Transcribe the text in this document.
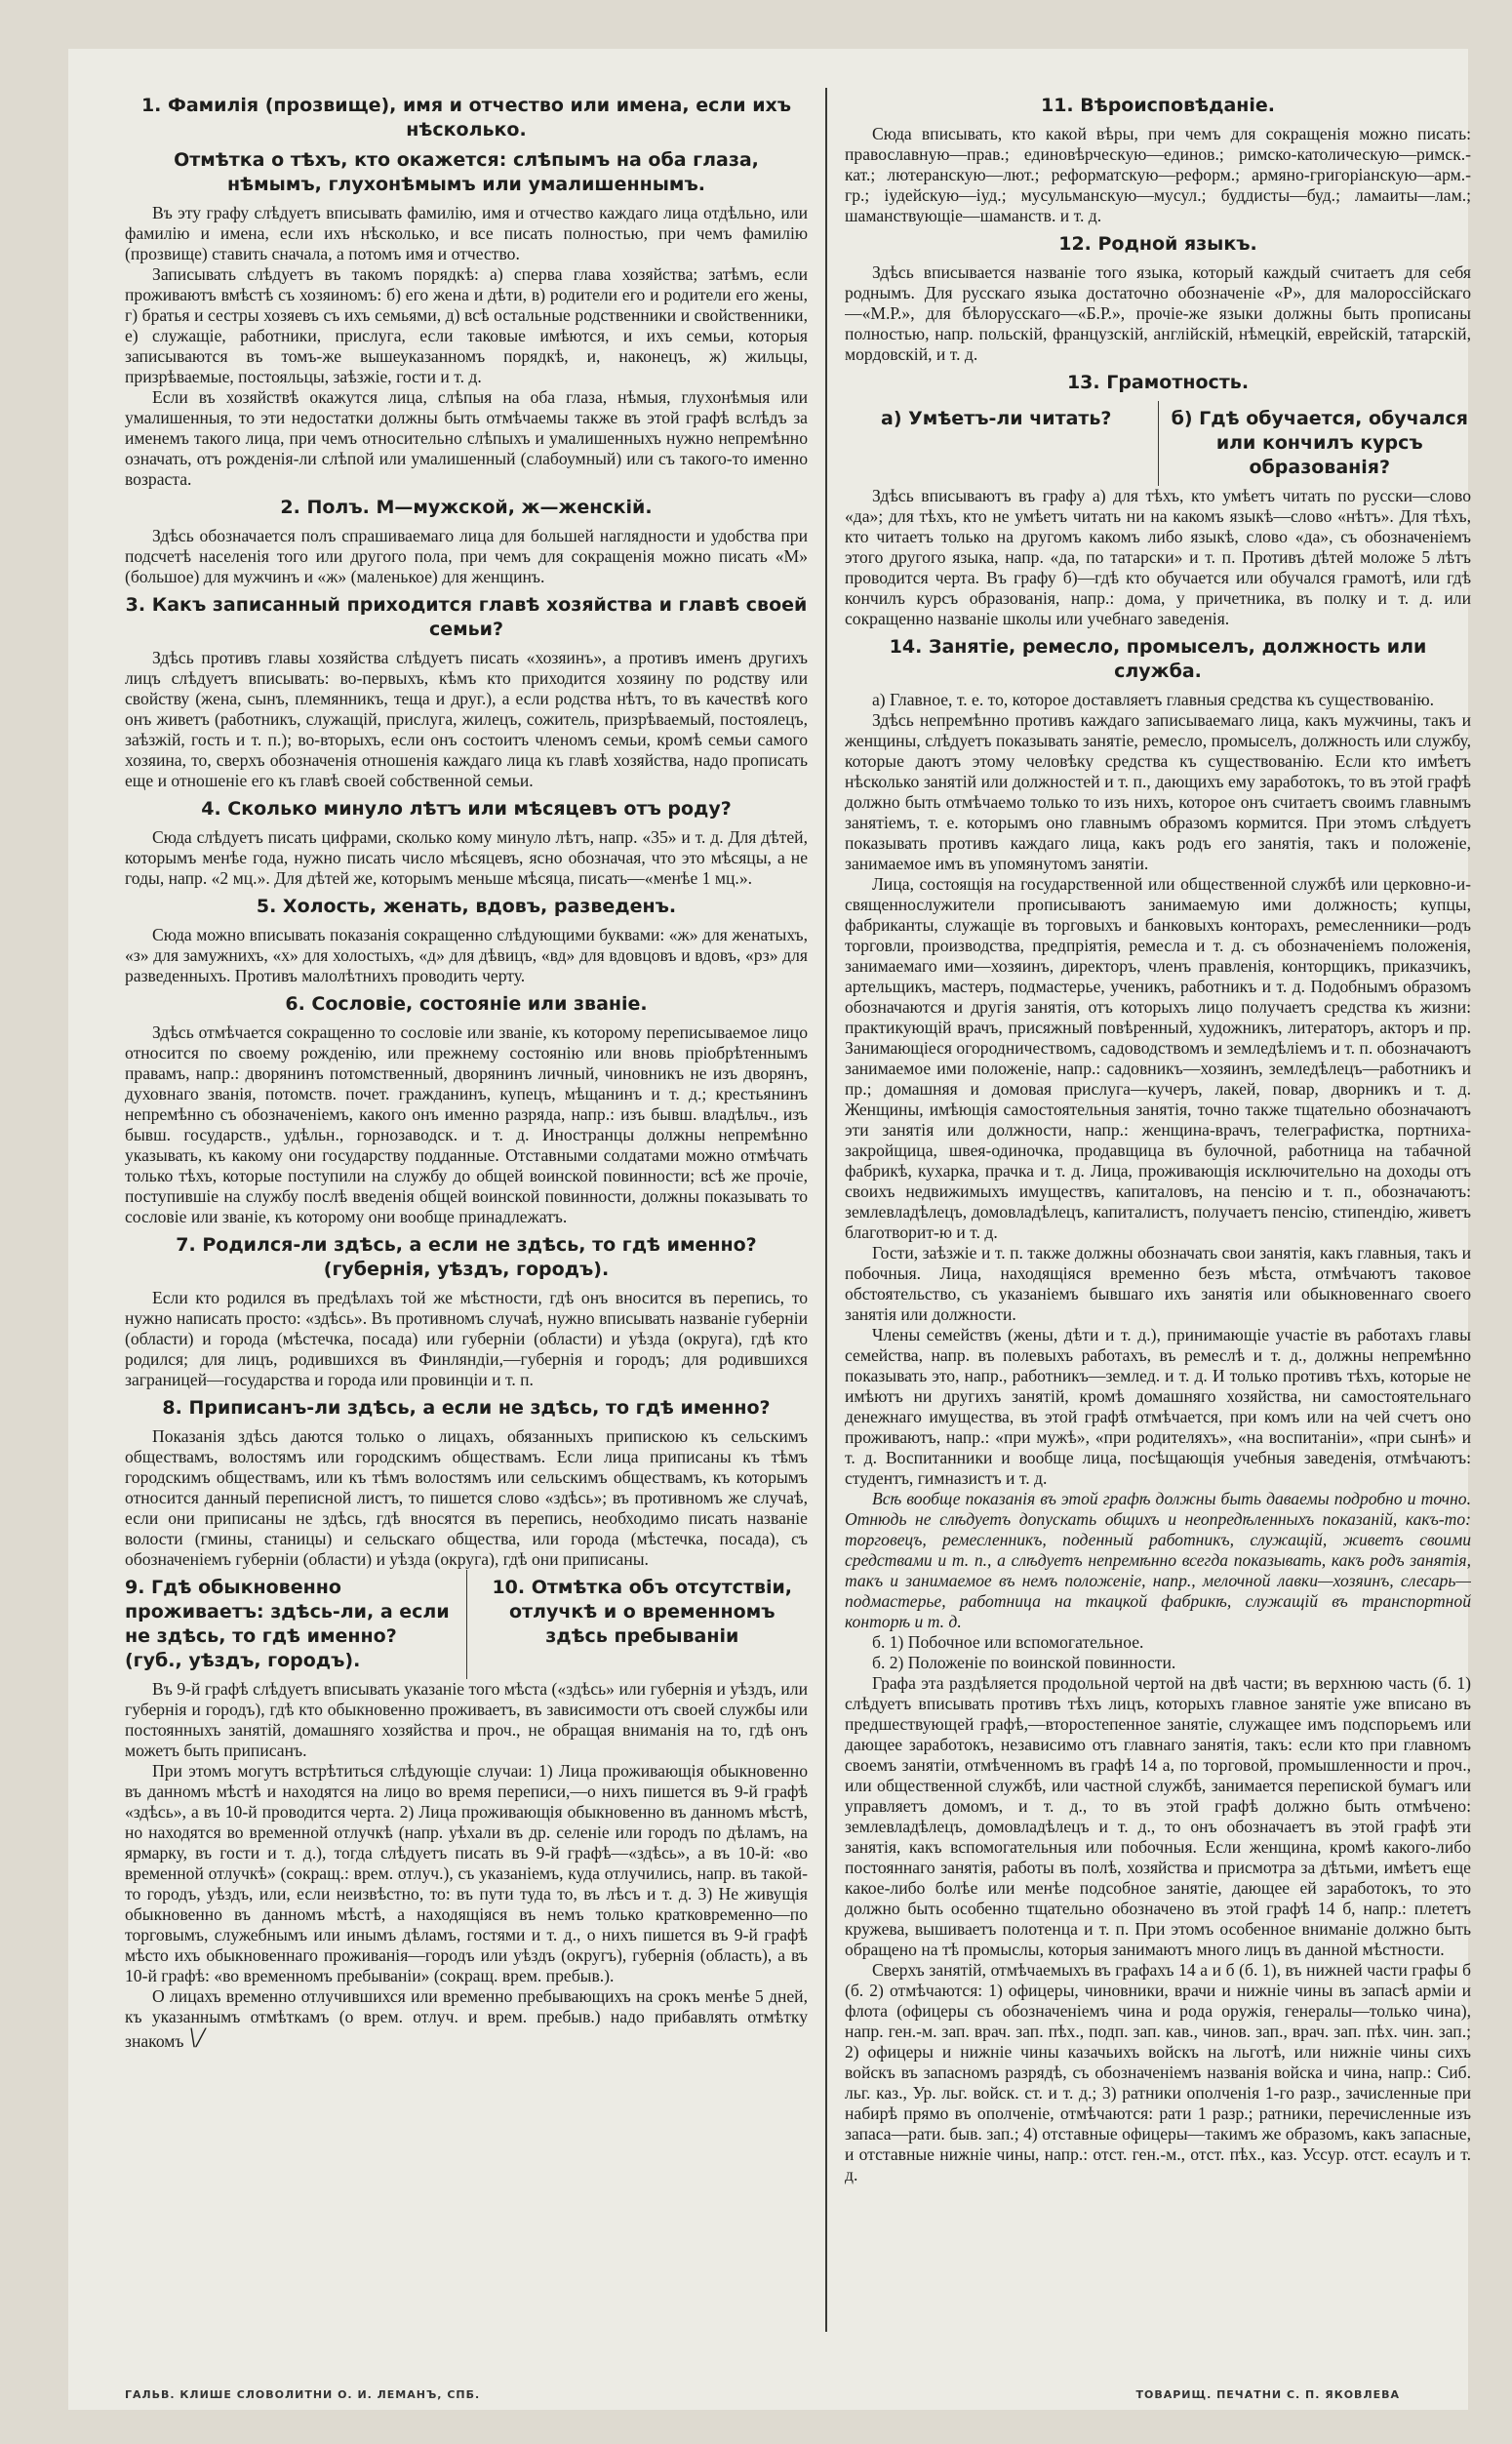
1. Фамилія (прозвище), имя и отчество или имена, если ихъ нѣсколько.
Отмѣтка о тѣхъ, кто окажется: слѣпымъ на оба глаза, нѣмымъ, глухонѣмымъ или умалишеннымъ.

Въ эту графу слѣдуетъ вписывать фамилію, имя и отчество каждаго лица отдѣльно, или фамилію и имена, если ихъ нѣсколько, и все писать полностью, при чемъ фамилію (прозвище) ставить сначала, а потомъ имя и отчество.

Записывать слѣдуетъ въ такомъ порядкѣ: а) сперва глава хозяйства; затѣмъ, если проживаютъ вмѣстѣ съ хозяиномъ: б) его жена и дѣти, в) родители его и родители его жены, г) братья и сестры хозяевъ съ ихъ семьями, д) всѣ остальные родственники и свойственники, е) служащіе, работники, прислуга, если таковые имѣются, и ихъ семьи, которыя записываются въ томъ-же вышеуказанномъ порядкѣ, и, наконецъ, ж) жильцы, призрѣваемые, постояльцы, заѣзжіе, гости и т. д.

Если въ хозяйствѣ окажутся лица, слѣпыя на оба глаза, нѣмыя, глухонѣмыя или умалишенныя, то эти недостатки должны быть отмѣчаемы также въ этой графѣ вслѣдъ за именемъ такого лица, при чемъ относительно слѣпыхъ и умалишенныхъ нужно непремѣнно означать, отъ рожденія-ли слѣпой или умалишенный (слабоумный) или съ такого-то именно возраста.

2. Полъ. М—мужской, ж—женскій.

Здѣсь обозначается полъ спрашиваемаго лица для большей наглядности и удобства при подсчетѣ населенія того или другого пола, при чемъ для сокращенія можно писать «М» (большое) для мужчинъ и «ж» (маленькое) для женщинъ.

3. Какъ записанный приходится главѣ хозяйства и главѣ своей семьи?

Здѣсь противъ главы хозяйства слѣдуетъ писать «хозяинъ», а противъ именъ другихъ лицъ слѣдуетъ вписывать: во-первыхъ, кѣмъ кто приходится хозяину по родству или свойству (жена, сынъ, племянникъ, теща и друг.), а если родства нѣтъ, то въ качествѣ кого онъ живетъ (работникъ, служащій, прислуга, жилецъ, сожитель, призрѣваемый, постоялецъ, заѣзжій, гость и т. п.); во-вторыхъ, если онъ состоитъ членомъ семьи, кромѣ семьи самого хозяина, то, сверхъ обозначенія отношенія каждаго лица къ главѣ хозяйства, надо прописать еще и отношеніе его къ главѣ своей собственной семьи.

4. Сколько минуло лѣтъ или мѣсяцевъ отъ роду?

Сюда слѣдуетъ писать цифрами, сколько кому минуло лѣтъ, напр. «35» и т. д. Для дѣтей, которымъ менѣе года, нужно писать число мѣсяцевъ, ясно обозначая, что это мѣсяцы, а не годы, напр. «2 мц.». Для дѣтей же, которымъ меньше мѣсяца, писать—«менѣе 1 мц.».

5. Холость, женать, вдовъ, разведенъ.

Сюда можно вписывать показанія сокращенно слѣдующими буквами: «ж» для женатыхъ, «з» для замужнихъ, «х» для холостыхъ, «д» для дѣвицъ, «вд» для вдовцовъ и вдовъ, «рз» для разведенныхъ. Противъ малолѣтнихъ проводить черту.

6. Сословіе, состояніе или званіе.

Здѣсь отмѣчается сокращенно то сословіе или званіе, къ которому переписываемое лицо относится по своему рожденію, или прежнему состоянію или вновь пріобрѣтеннымъ правамъ, напр.: дворянинъ потомственный, дворянинъ личный, чиновникъ не изъ дворянъ, духовнаго званія, потомств. почет. гражданинъ, купецъ, мѣщанинъ и т. д.; крестьянинъ непремѣнно съ обозначеніемъ, какого онъ именно разряда, напр.: изъ бывш. владѣльч., изъ бывш. государств., удѣльн., горнозаводск. и т. д. Иностранцы должны непремѣнно указывать, къ какому они государству подданные. Отставными солдатами можно отмѣчать только тѣхъ, которые поступили на службу до общей воинской повинности; всѣ же прочіе, поступившіе на службу послѣ введенія общей воинской повинности, должны показывать то сословіе или званіе, къ которому они вообще принадлежатъ.

7. Родился-ли здѣсь, а если не здѣсь, то гдѣ именно? (губернія, уѣздъ, городъ).

Если кто родился въ предѣлахъ той же мѣстности, гдѣ онъ вносится въ перепись, то нужно написать просто: «здѣсь». Въ противномъ случаѣ, нужно вписывать названіе губерніи (области) и города (мѣстечка, посада) или губерніи (области) и уѣзда (округа), гдѣ кто родился; для лицъ, родившихся въ Финляндіи,—губернія и городъ; для родившихся заграницей—государства и города или провинціи и т. п.

8. Приписанъ-ли здѣсь, а если не здѣсь, то гдѣ именно?

Показанія здѣсь даются только о лицахъ, обязанныхъ припискою къ сельскимъ обществамъ, волостямъ или городскимъ обществамъ. Если лица приписаны къ тѣмъ городскимъ обществамъ, или къ тѣмъ волостямъ или сельскимъ обществамъ, къ которымъ относится данный переписной листъ, то пишется слово «здѣсь»; въ противномъ же случаѣ, если они приписаны не здѣсь, гдѣ вносятся въ перепись, необходимо писать названіе волости (гмины, станицы) и сельскаго общества, или города (мѣстечка, посада), съ обозначеніемъ губерніи (области) и уѣзда (округа), гдѣ они приписаны.

9. Гдѣ обыкновенно проживаетъ: здѣсь-ли, а если не здѣсь, то гдѣ именно? (губ., уѣздъ, городъ).
10. Отмѣтка объ отсутствіи, отлучкѣ и о временномъ здѣсь пребываніи

Въ 9-й графѣ слѣдуетъ вписывать указаніе того мѣста («здѣсь» или губернія и уѣздъ, или губернія и городъ), гдѣ кто обыкновенно проживаетъ, въ зависимости отъ своей службы или постоянныхъ занятій, домашняго хозяйства и проч., не обращая вниманія на то, гдѣ онъ можетъ быть приписанъ.

При этомъ могутъ встрѣтиться слѣдующіе случаи: 1) Лица проживающія обыкновенно въ данномъ мѣстѣ и находятся на лицо во время переписи,—о нихъ пишется въ 9-й графѣ «здѣсь», а въ 10-й проводится черта. 2) Лица проживающія обыкновенно въ данномъ мѣстѣ, но находятся во временной отлучкѣ (напр. уѣхали въ др. селеніе или городъ по дѣламъ, на ярмарку, въ гости и т. д.), тогда слѣдуетъ писать въ 9-й графѣ—«здѣсь», а въ 10-й: «во временной отлучкѣ» (сокращ.: врем. отлуч.), съ указаніемъ, куда отлучились, напр. въ такой-то городъ, уѣздъ, или, если неизвѣстно, то: въ пути туда то, въ лѣсъ и т. д. 3) Не живущія обыкновенно въ данномъ мѣстѣ, а находящіяся въ немъ только кратковременно—по торговымъ, служебнымъ или инымъ дѣламъ, гостями и т. д., о нихъ пишется въ 9-й графѣ мѣсто ихъ обыкновеннаго проживанія—городъ или уѣздъ (округъ), губернія (область), а въ 10-й графѣ: «во временномъ пребываніи» (сокращ. врем. пребыв.).

О лицахъ временно отлучившихся или временно пребывающихъ на срокъ менѣе 5 дней, къ указаннымъ отмѣткамъ (о врем. отлуч. и врем. пребыв.) надо прибавлять отмѣтку знакомъ \/

11. Вѣроисповѣданіе.

Сюда вписывать, кто какой вѣры, при чемъ для сокращенія можно писать: православную—прав.; единовѣрческую—единов.; римско-католическую—римск.-кат.; лютеранскую—лют.; реформатскую—реформ.; армяно-григоріанскую—арм.-гр.; іудейскую—іуд.; мусульманскую—мусул.; буддисты—буд.; ламаиты—лам.; шаманствующіе—шаманств. и т. д.

12. Родной языкъ.

Здѣсь вписывается названіе того языка, который каждый считаетъ для себя роднымъ. Для русскаго языка достаточно обозначеніе «Р», для малороссійскаго—«М.Р.», для бѣлорусскаго—«Б.Р.», прочіе-же языки должны быть прописаны полностью, напр. польскій, французскій, англійскій, нѣмецкій, еврейскій, татарскій, мордовскій, и т. д.

13. Грамотность.
а) Умѣетъ-ли читать?	б) Гдѣ обучается, обучался или кончилъ курсъ образованія?

Здѣсь вписываютъ въ графу а) для тѣхъ, кто умѣетъ читать по русски—слово «да»; для тѣхъ, кто не умѣетъ читать ни на какомъ языкѣ—слово «нѣтъ». Для тѣхъ, кто читаетъ только на другомъ какомъ либо языкѣ, слово «да», съ обозначеніемъ этого другого языка, напр. «да, по татарски» и т. п. Противъ дѣтей моложе 5 лѣтъ проводится черта. Въ графу б)—гдѣ кто обучается или обучался грамотѣ, или гдѣ кончилъ курсъ образованія, напр.: дома, у причетника, въ полку и т. д. или сокращенно названіе школы или учебнаго заведенія.

14. Занятіе, ремесло, промыселъ, должность или служба.

а) Главное, т. е. то, которое доставляетъ главныя средства къ существованію.

Здѣсь непремѣнно противъ каждаго записываемаго лица, какъ мужчины, такъ и женщины, слѣдуетъ показывать занятіе, ремесло, промыселъ, должность или службу, которые даютъ этому человѣку средства къ существованію. Если кто имѣетъ нѣсколько занятій или должностей и т. п., дающихъ ему заработокъ, то въ этой графѣ должно быть отмѣчаемо только то изъ нихъ, которое онъ считаетъ своимъ главнымъ занятіемъ, т. е. которымъ оно главнымъ образомъ кормится. При этомъ слѣдуетъ показывать противъ каждаго лица, какъ родъ его занятія, такъ и положеніе, занимаемое имъ въ упомянутомъ занятіи.

Лица, состоящія на государственной или общественной службѣ или церковно-и-священнослужители прописываютъ занимаемую ими должность; купцы, фабриканты, служащіе въ торговыхъ и банковыхъ конторахъ, ремесленники—родъ торговли, производства, предпріятія, ремесла и т. д. съ обозначеніемъ положенія, занимаемаго ими—хозяинъ, директоръ, членъ правленія, конторщикъ, приказчикъ, артельщикъ, мастеръ, подмастерье, ученикъ, работникъ и т. д. Подобнымъ образомъ обозначаются и другія занятія, отъ которыхъ лицо получаетъ средства къ жизни: практикующій врачъ, присяжный повѣренный, художникъ, литераторъ, акторъ и пр. Занимающіеся огородничествомъ, садоводствомъ и земледѣліемъ и т. п. обозначаютъ занимаемое ими положеніе, напр.: садовникъ—хозяинъ, земледѣлецъ—работникъ и пр.; домашняя и домовая прислуга—кучеръ, лакей, повар, дворникъ и т. д. Женщины, имѣющія самостоятельныя занятія, точно также тщательно обозначаютъ эти занятія или должности, напр.: женщина-врачъ, телеграфистка, портниха-закройщица, швея-одиночка, продавщица въ булочной, работница на табачной фабрикѣ, кухарка, прачка и т. д. Лица, проживающія исключительно на доходы отъ своихъ недвижимыхъ имуществъ, капиталовъ, на пенсію и т. п., обозначаютъ: землевладѣлецъ, домовладѣлецъ, капиталистъ, получаетъ пенсію, стипендію, живетъ благотворит-ю и т. д.

Гости, заѣзжіе и т. п. также должны обозначать свои занятія, какъ главныя, такъ и побочныя. Лица, находящіяся временно безъ мѣста, отмѣчаютъ таковое обстоятельство, съ указаніемъ бывшаго ихъ занятія или обыкновеннаго своего занятія или должности.

Члены семействъ (жены, дѣти и т. д.), принимающіе участіе въ работахъ главы семейства, напр. въ полевыхъ работахъ, въ ремеслѣ и т. д., должны непремѣнно показывать это, напр., работникъ—землед. и т. д. И только противъ тѣхъ, которые не имѣютъ ни другихъ занятій, кромѣ домашняго хозяйства, ни самостоятельнаго денежнаго имущества, въ этой графѣ отмѣчается, при комъ или на чей счетъ оно проживаютъ, напр.: «при мужѣ», «при родителяхъ», «на воспитаніи», «при сынѣ» и т. д. Воспитанники и вообще лица, посѣщающія учебныя заведенія, отмѣчаютъ: студентъ, гимназистъ и т. д.

Всѣ вообще показанія въ этой графѣ должны быть даваемы подробно и точно. Отнюдь не слѣдуетъ допускать общихъ и неопредѣленныхъ показаній, какъ-то: торговецъ, ремесленникъ, поденный работникъ, служащій, живетъ своими средствами и т. п., а слѣдуетъ непремѣнно всегда показывать, какъ родъ занятія, такъ и занимаемое въ немъ положеніе, напр., мелочной лавки—хозяинъ, слесарь—подмастерье, работница на ткацкой фабрикѣ, служащій въ транспортной конторѣ и т. д.

б. 1) Побочное или вспомогательное.

б. 2) Положеніе по воинской повинности.

Графа эта раздѣляется продольной чертой на двѣ части; въ верхнюю часть (б. 1) слѣдуетъ вписывать противъ тѣхъ лицъ, которыхъ главное занятіе уже вписано въ предшествующей графѣ,—второстепенное занятіе, служащее имъ подспорьемъ или дающее заработокъ, независимо отъ главнаго занятія, такъ: если кто при главномъ своемъ занятіи, отмѣченномъ въ графѣ 14 а, по торговой, промышленности и проч., или общественной службѣ, или частной службѣ, занимается перепиской бумагъ или управляетъ домомъ, и т. д., то въ этой графѣ должно быть отмѣчено: землевладѣлецъ, домовладѣлецъ и т. д., то онъ обозначаетъ въ этой графѣ эти занятія, какъ вспомогательныя или побочныя. Если женщина, кромѣ какого-либо постояннаго занятія, работы въ полѣ, хозяйства и присмотра за дѣтьми, имѣетъ еще какое-либо болѣе или менѣе подсобное занятіе, дающее ей заработокъ, то это должно быть особенно тщательно обозначено въ этой графѣ 14 б, напр.: плететъ кружева, вышиваетъ полотенца и т. п. При этомъ особенное вниманіе должно быть обращено на тѣ промыслы, которыя занимаютъ много лицъ въ данной мѣстности.

Сверхъ занятій, отмѣчаемыхъ въ графахъ 14 а и б (б. 1), въ нижней части графы б (б. 2) отмѣчаются: 1) офицеры, чиновники, врачи и нижніе чины въ запасѣ арміи и флота (офицеры съ обозначеніемъ чина и рода оружія, генералы—только чина), напр. ген.-м. зап. врач. зап. пѣх., подп. зап. кав., чинов. зап., врач. зап. пѣх. чин. зап.; 2) офицеры и нижніе чины казачьихъ войскъ на льготѣ, или нижніе чины сихъ войскъ въ запасномъ разрядѣ, съ обозначеніемъ названія войска и чина, напр.: Сиб. льг. каз., Ур. льг. войск. ст. и т. д.; 3) ратники ополченія 1-го разр., зачисленные при набирѣ прямо въ ополченіе, отмѣчаются: рати 1 разр.; ратники, перечисленные изъ запаса—рати. быв. зап.; 4) отставные офицеры—такимъ же образомъ, какъ запасные, и отставные нижніе чины, напр.: отст. ген.-м., отст. пѣх., каз. Уссур. отст. есаулъ и т. д.

ГАЛЬВ. КЛИШЕ СЛОВОЛИТНИ О. И. ЛЕМАНЪ, СПБ.	ТОВАРИЩ. ПЕЧАТНИ С. П. ЯКОВЛЕВА
